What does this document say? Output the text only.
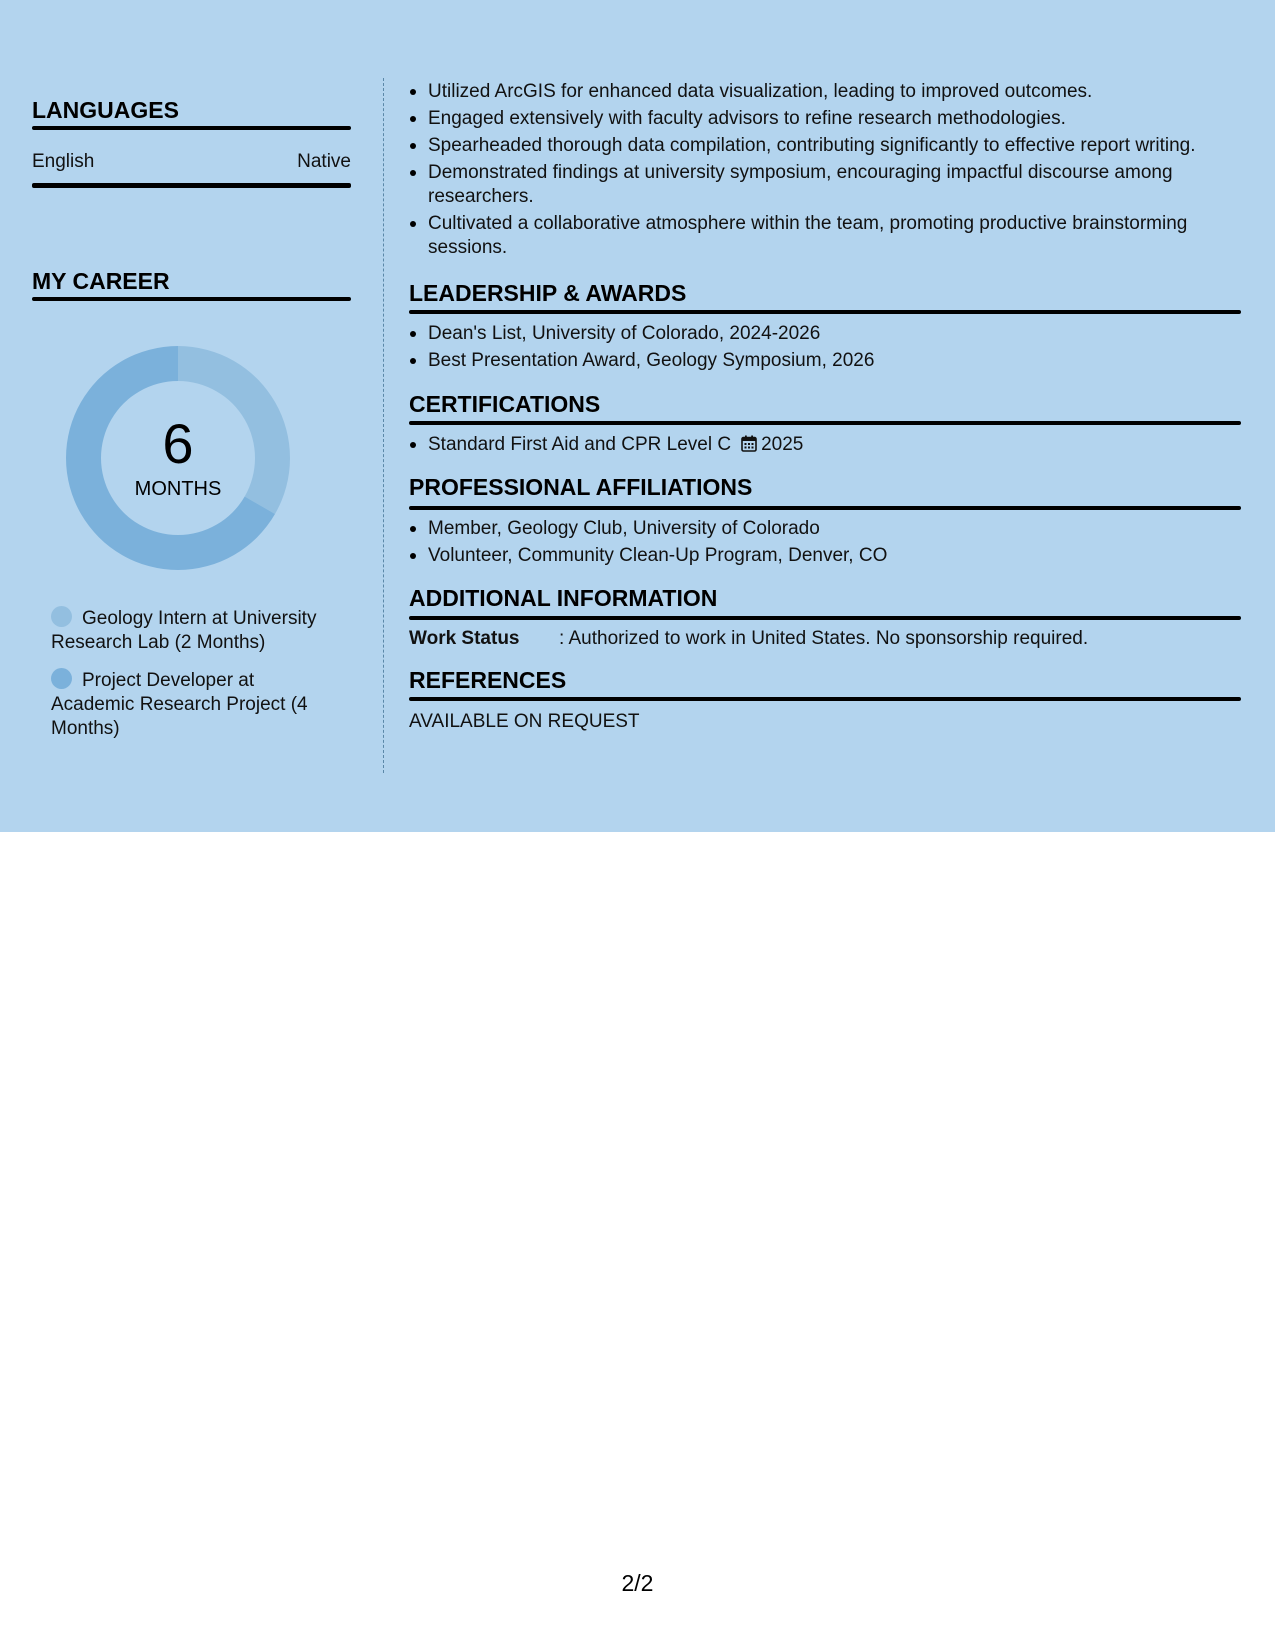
LANGUAGES
English	Native
MY CAREER
6
MONTHS
Geology Intern at University Research Lab (2 Months)
Project Developer at Academic Research Project (4 Months)
Utilized ArcGIS for enhanced data visualization, leading to improved outcomes.
Engaged extensively with faculty advisors to refine research methodologies.
Spearheaded thorough data compilation, contributing significantly to effective report writing.
Demonstrated findings at university symposium, encouraging impactful discourse among researchers.
Cultivated a collaborative atmosphere within the team, promoting productive brainstorming sessions.
LEADERSHIP & AWARDS
Dean's List, University of Colorado, 2024-2026
Best Presentation Award, Geology Symposium, 2026
CERTIFICATIONS
Standard First Aid and CPR Level C 2025
PROFESSIONAL AFFILIATIONS
Member, Geology Club, University of Colorado
Volunteer, Community Clean-Up Program, Denver, CO
ADDITIONAL INFORMATION
Work Status : Authorized to work in United States. No sponsorship required.
REFERENCES
AVAILABLE ON REQUEST
2/2
